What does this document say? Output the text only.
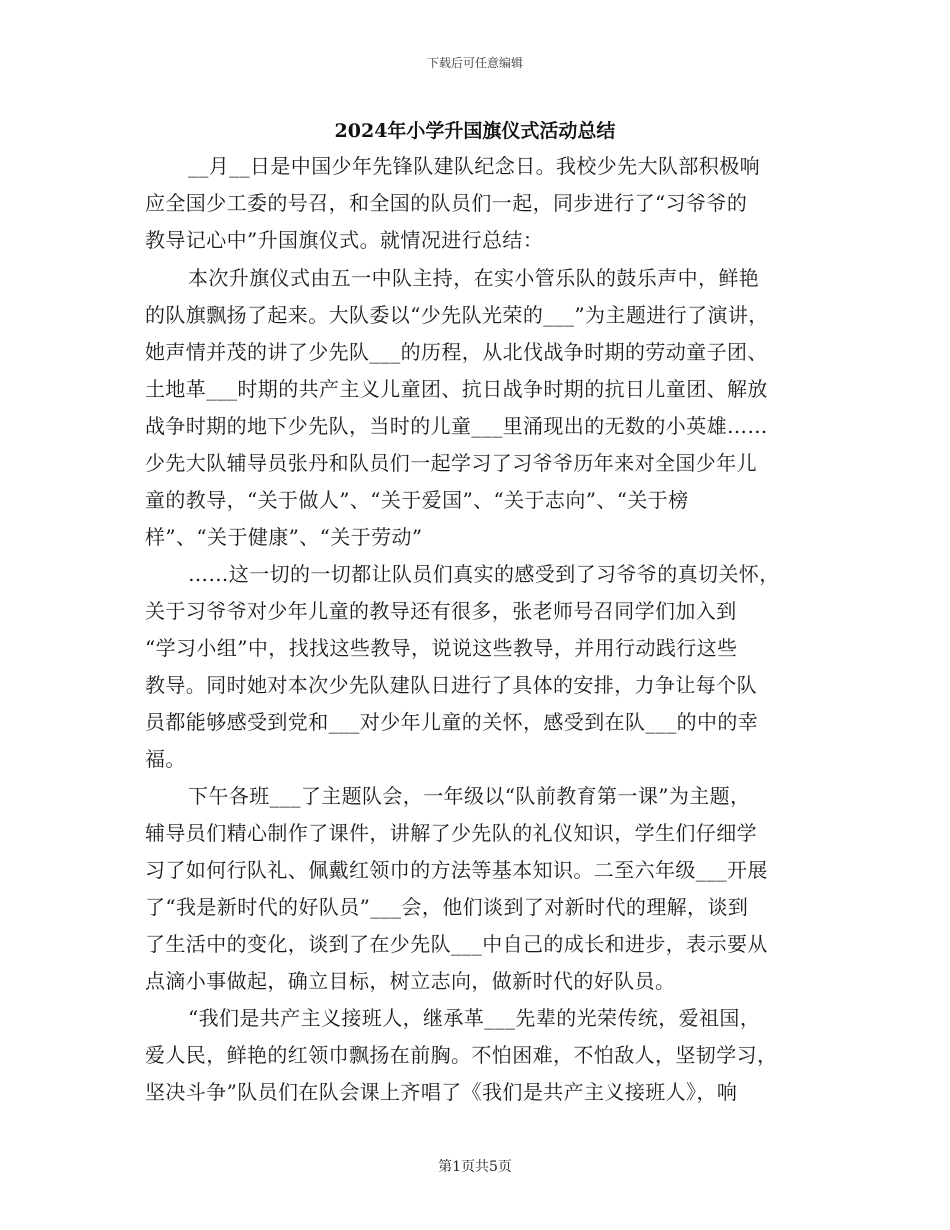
下载后可任意编辑
2024年小学升国旗仪式活动总结
__月__日是中国少年先锋队建队纪念日。我校少先大队部积极响
应全国少工委的号召，和全国的队员们一起，同步进行了“习爷爷的
教导记心中”升国旗仪式。就情况进行总结：
本次升旗仪式由五一中队主持，在实小管乐队的鼓乐声中，鲜艳
的队旗飘扬了起来。大队委以“少先队光荣的___”为主题进行了演讲，
她声情并茂的讲了少先队___的历程，从北伐战争时期的劳动童子团、
土地革___时期的共产主义儿童团、抗日战争时期的抗日儿童团、解放
战争时期的地下少先队，当时的儿童___里涌现出的无数的小英雄……
少先大队辅导员张丹和队员们一起学习了习爷爷历年来对全国少年儿
童的教导，“关于做人”、“关于爱国”、“关于志向”、“关于榜
样”、“关于健康”、“关于劳动”
……这一切的一切都让队员们真实的感受到了习爷爷的真切关怀，
关于习爷爷对少年儿童的教导还有很多，张老师号召同学们加入到
“学习小组”中，找找这些教导，说说这些教导，并用行动践行这些
教导。同时她对本次少先队建队日进行了具体的安排，力争让每个队
员都能够感受到党和___对少年儿童的关怀，感受到在队___的中的幸
福。
下午各班___了主题队会，一年级以“队前教育第一课”为主题，
辅导员们精心制作了课件，讲解了少先队的礼仪知识，学生们仔细学
习了如何行队礼、佩戴红领巾的方法等基本知识。二至六年级___开展
了“我是新时代的好队员”___会，他们谈到了对新时代的理解，谈到
了生活中的变化，谈到了在少先队___中自己的成长和进步，表示要从
点滴小事做起，确立目标，树立志向，做新时代的好队员。
“我们是共产主义接班人，继承革___先辈的光荣传统，爱祖国，
爱人民，鲜艳的红领巾飘扬在前胸。不怕困难，不怕敌人，坚韧学习，
坚决斗争”队员们在队会课上齐唱了《我们是共产主义接班人》，响
第1页共5页
